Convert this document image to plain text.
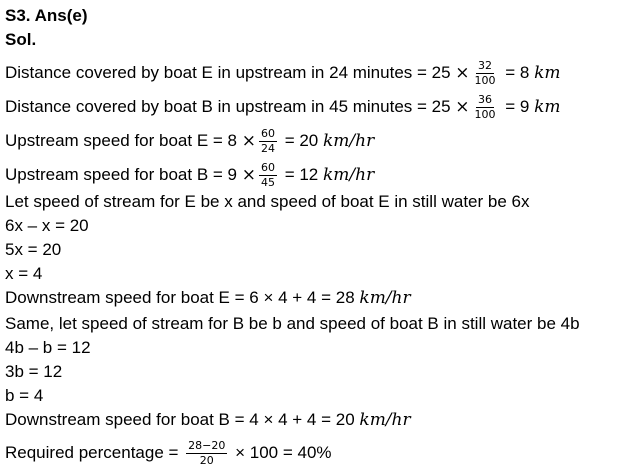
S3. Ans(e)
Sol.
Distance covered by boat E in upstream in 24 minutes = $25 \times \frac{32}{100} = 8$ km
Distance covered by boat B in upstream in 45 minutes = $25 \times \frac{36}{100} = 9$ km
Upstream speed for boat $E = 8 \times \frac{60}{24} = 20$ km/hr
Upstream speed for boat $B = 9 \times \frac{60}{45} = 12$ km/hr
Let speed of stream for E be x and speed of boat E in still water be 6x
6x – x = 20
5x = 20
x = 4
Downstream speed for boat E = 6 × 4 + 4 = 28 km/hr
Same, let speed of stream for B be b and speed of boat B in still water be 4b
4b – b = 12
3b = 12
b = 4
Downstream speed for boat B = 4 × 4 + 4 = 20 km/hr
Required percentage = $\frac{28-20}{20} \times 100 = 40\%$
